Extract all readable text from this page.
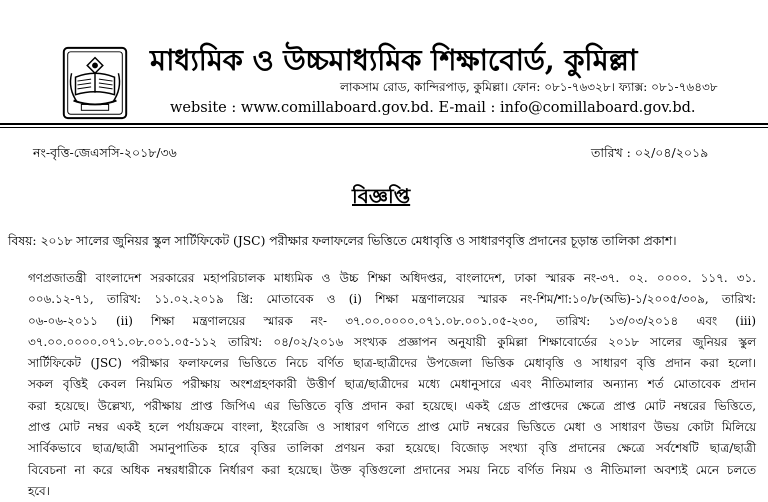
মাধ্যমিক ও উচ্চমাধ্যমিক শিক্ষাবোর্ড, কুমিল্লা
লাকসাম রোড, কান্দিরপাড়, কুমিল্লা। ফোন: ০৮১-৭৬৩২৮। ফ্যাক্স: ০৮১-৭৬৪৩৮
website : www.comillaboard.gov.bd. E-mail : info@comillaboard.gov.bd.
নং-বৃত্তি-জেএসসি-২০১৮/৩৬	তারিখ : ০২/০৪/২০১৯
বিজ্ঞপ্তি
বিষয়: ২০১৮ সালের জুনিয়র স্কুল সার্টিফিকেট (JSC) পরীক্ষার ফলাফলের ভিত্তিতে মেধাবৃত্তি ও সাধারণবৃত্তি প্রদানের চূড়ান্ত তালিকা প্রকাশ।
গণপ্রজাতন্ত্রী বাংলাদেশ সরকারের মহাপরিচালক মাধ্যমিক ও উচ্চ শিক্ষা অধিদপ্তর, বাংলাদেশ, ঢাকা স্মারক নং-৩৭. ০২. ০০০০. ১১৭. ৩১.
০০৬.১২-৭১, তারিখ: ১১.০২.২০১৯ খ্রি: মোতাবেক ও (i) শিক্ষা মন্ত্রণালয়ের স্মারক নং-শিম/শা:১০/৮(অভি)-১/২০০৫/৩০৯, তারিখ:
০৬-০৬-২০১১ (ii) শিক্ষা মন্ত্রণালয়ের স্মারক নং- ৩৭.০০.০০০০.০৭১.০৮.০০১.০৫-২৩০, তারিখ: ১৩/০৩/২০১৪ এবং (iii)
৩৭.০০.০০০০.০৭১.০৮.০০১.০৫-১১২ তারিখ: ০৪/০২/২০১৬ সংখ্যক প্রজ্ঞাপন অনুযায়ী কুমিল্লা শিক্ষাবোর্ডের ২০১৮ সালের জুনিয়র স্কুল
সার্টিফিকেট (JSC) পরীক্ষার ফলাফলের ভিত্তিতে নিচে বর্ণিত ছাত্র-ছাত্রীদের উপজেলা ভিত্তিক মেধাবৃত্তি ও সাধারণ বৃত্তি প্রদান করা হলো।
সকল বৃত্তিই কেবল নিয়মিত পরীক্ষায় অংশগ্রহণকারী উত্তীর্ণ ছাত্র/ছাত্রীদের মধ্যে মেধানুসারে এবং নীতিমালার অন্যান্য শর্ত মোতাবেক প্রদান
করা হয়েছে। উল্লেখ্য, পরীক্ষায় প্রাপ্ত জিপিএ এর ভিত্তিতে বৃত্তি প্রদান করা হয়েছে। একই গ্রেড প্রাপ্তদের ক্ষেত্রে প্রাপ্ত মোট নম্বরের ভিত্তিতে,
প্রাপ্ত মোট নম্বর একই হলে পর্যায়ক্রমে বাংলা, ইংরেজি ও সাধারণ গণিতে প্রাপ্ত মোট নম্বরের ভিত্তিতে মেধা ও সাধারণ উভয় কোটা মিলিয়ে
সার্বিকভাবে ছাত্র/ছাত্রী সমানুপাতিক হারে বৃত্তির তালিকা প্রণয়ন করা হয়েছে। বিজোড় সংখ্যা বৃত্তি প্রদানের ক্ষেত্রে সর্বশেষটি ছাত্র/ছাত্রী
বিবেচনা না করে অধিক নম্বরধারীকে নির্ধারণ করা হয়েছে। উক্ত বৃত্তিগুলো প্রদানের সময় নিচে বর্ণিত নিয়ম ও নীতিমালা অবশ্যই মেনে চলতে
হবে।
